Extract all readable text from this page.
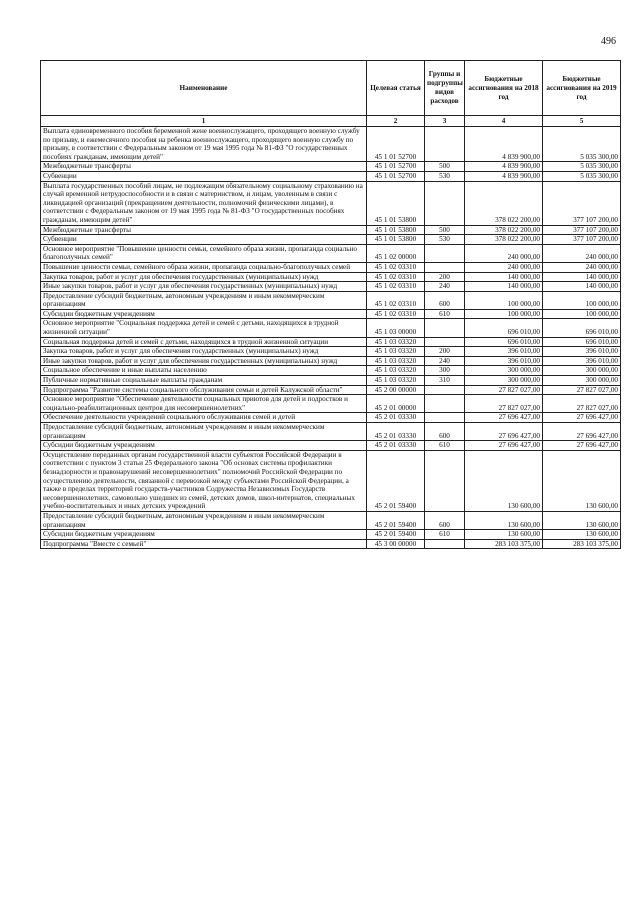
496
Наименование	Целевая статья	Группы и подгруппы видов расходов	Бюджетные ассигнования на 2018 год	Бюджетные ассигнования на 2019 год
1	2	3	4	5
Выплата единовременного пособия беременной жене военнослужащего, проходящего военную службу по призыву, и ежемесячного пособия на ребенка военнослужащего, проходящего военную службу по призыву, в соответствии с Федеральным законом от 19 мая 1995 года № 81-ФЗ "О государственных пособиях гражданам, имеющим детей"	45 1 01 52700		4 839 900,00	5 035 300,00
Межбюджетные трансферты	45 1 01 52700	500	4 839 900,00	5 035 300,00
Субвенции	45 1 01 52700	530	4 839 900,00	5 035 300,00
Выплата государственных пособий лицам, не подлежащим обязательному социальному страхованию на случай временной нетрудоспособности и в связи с материнством, и лицам, уволенным в связи с ликвидацией организаций (прекращением деятельности, полномочий физическими лицами), в соответствии с Федеральным законом от 19 мая 1995 года № 81-ФЗ "О государственных пособиях гражданам, имеющим детей"	45 1 01 53800		378 022 200,00	377 107 200,00
Межбюджетные трансферты	45 1 01 53800	500	378 022 200,00	377 107 200,00
Субвенции	45 1 01 53800	530	378 022 200,00	377 107 200,00
Основное мероприятие "Повышение ценности семьи, семейного образа жизни, пропаганда социально благополучных семей"	45 1 02 00000		240 000,00	240 000,00
Повышение ценности семьи, семейного образа жизни, пропаганда социально-благополучных семей	45 1 02 03310		240 000,00	240 000,00
Закупка товаров, работ и услуг для обеспечения государственных (муниципальных) нужд	45 1 02 03310	200	140 000,00	140 000,00
Иные закупки товаров, работ и услуг для обеспечения государственных (муниципальных) нужд	45 1 02 03310	240	140 000,00	140 000,00
Предоставление субсидий бюджетным, автономным учреждениям и иным некоммерческим организациям	45 1 02 03310	600	100 000,00	100 000,00
Субсидии бюджетным учреждениям	45 1 02 03310	610	100 000,00	100 000,00
Основное мероприятие "Социальная поддержка детей и семей с детьми, находящихся в трудной жизненной ситуации"	45 1 03 00000		696 010,00	696 010,00
Социальная поддержка детей и семей с детьми, находящихся в трудной жизненной ситуации	45 1 03 03320		696 010,00	696 010,00
Закупка товаров, работ и услуг для обеспечения государственных (муниципальных) нужд	45 1 03 03320	200	396 010,00	396 010,00
Иные закупки товаров, работ и услуг для обеспечения государственных (муниципальных) нужд	45 1 03 03320	240	396 010,00	396 010,00
Социальное обеспечение и иные выплаты населению	45 1 03 03320	300	300 000,00	300 000,00
Публичные нормативные социальные выплаты гражданам	45 1 03 03320	310	300 000,00	300 000,00
Подпрограмма "Развитие системы социального обслуживания семьи и детей Калужской области"	45 2 00 00000		27 827 027,00	27 827 027,00
Основное мероприятие "Обеспечение деятельности социальных приютов для детей и подростков и социально-реабилитационных центров для несовершеннолетних"	45 2 01 00000		27 827 027,00	27 827 027,00
Обеспечение деятельности учреждений социального обслуживания семей и детей	45 2 01 03330		27 696 427,00	27 696 427,00
Предоставление субсидий бюджетным, автономным учреждениям и иным некоммерческим организациям	45 2 01 03330	600	27 696 427,00	27 696 427,00
Субсидии бюджетным учреждениям	45 2 01 03330	610	27 696 427,00	27 696 427,00
Осуществление переданных органам государственной власти субъектов Российской Федерации в соответствии с пунктом 3 статьи 25 Федерального закона "Об основах системы профилактики безнадзорности и правонарушений несовершеннолетних" полномочий Российской Федерации по осуществлению деятельности, связанной с перевозкой между субъектами Российской Федерации, а также в пределах территорий государств-участников Содружества Независимых Государств несовершеннолетних, самовольно ушедших из семей, детских домов, школ-интернатов, специальных учебно-воспитательных и иных детских учреждений	45 2 01 59400		130 600,00	130 600,00
Предоставление субсидий бюджетным, автономным учреждениям и иным некоммерческим организациям	45 2 01 59400	600	130 600,00	130 600,00
Субсидии бюджетным учреждениям	45 2 01 59400	610	130 600,00	130 600,00
Подпрограмма "Вместе с семьей"	45 3 00 00000		283 103 375,00	283 103 375,00
